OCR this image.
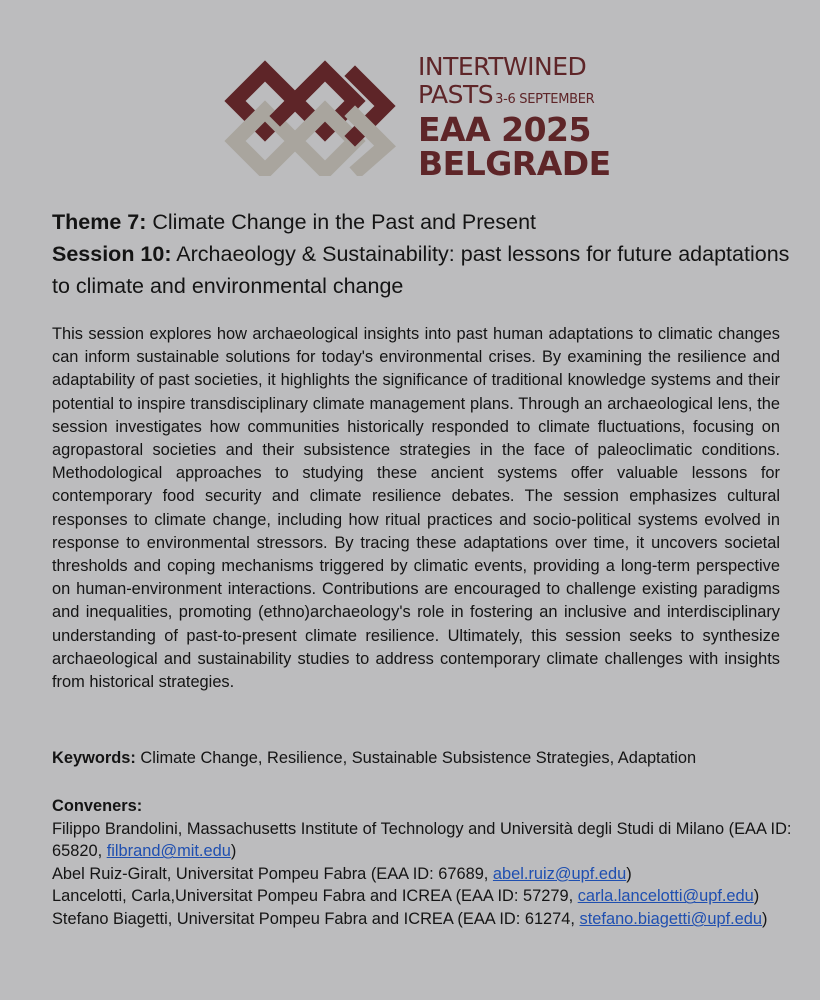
INTERTWINED
PASTS 3-6 SEPTEMBER
EAA 2025
BELGRADE
Theme 7: Climate Change in the Past and Present
Session 10: Archaeology & Sustainability: past lessons for future adaptations to climate and environmental change
This session explores how archaeological insights into past human adaptations to climatic changes can inform sustainable solutions for today's environmental crises. By examining the resilience and adaptability of past societies, it highlights the significance of traditional knowledge systems and their potential to inspire transdisciplinary climate management plans. Through an archaeological lens, the session investigates how communities historically responded to climate fluctuations, focusing on agropastoral societies and their subsistence strategies in the face of paleoclimatic conditions. Methodological approaches to studying these ancient systems offer valuable lessons for contemporary food security and climate resilience debates. The session emphasizes cultural responses to climate change, including how ritual practices and socio-political systems evolved in response to environmental stressors. By tracing these adaptations over time, it uncovers societal thresholds and coping mechanisms triggered by climatic events, providing a long-term perspective on human-environment interactions. Contributions are encouraged to challenge existing paradigms and inequalities, promoting (ethno)archaeology's role in fostering an inclusive and interdisciplinary understanding of past-to-present climate resilience. Ultimately, this session seeks to synthesize archaeological and sustainability studies to address contemporary climate challenges with insights from historical strategies.
Keywords: Climate Change, Resilience, Sustainable Subsistence Strategies, Adaptation
Conveners:
Filippo Brandolini, Massachusetts Institute of Technology and Università degli Studi di Milano (EAA ID: 65820, filbrand@mit.edu)
Abel Ruiz-Giralt, Universitat Pompeu Fabra (EAA ID: 67689, abel.ruiz@upf.edu)
Lancelotti, Carla,Universitat Pompeu Fabra and ICREA (EAA ID: 57279, carla.lancelotti@upf.edu)
Stefano Biagetti, Universitat Pompeu Fabra and ICREA (EAA ID: 61274, stefano.biagetti@upf.edu)
